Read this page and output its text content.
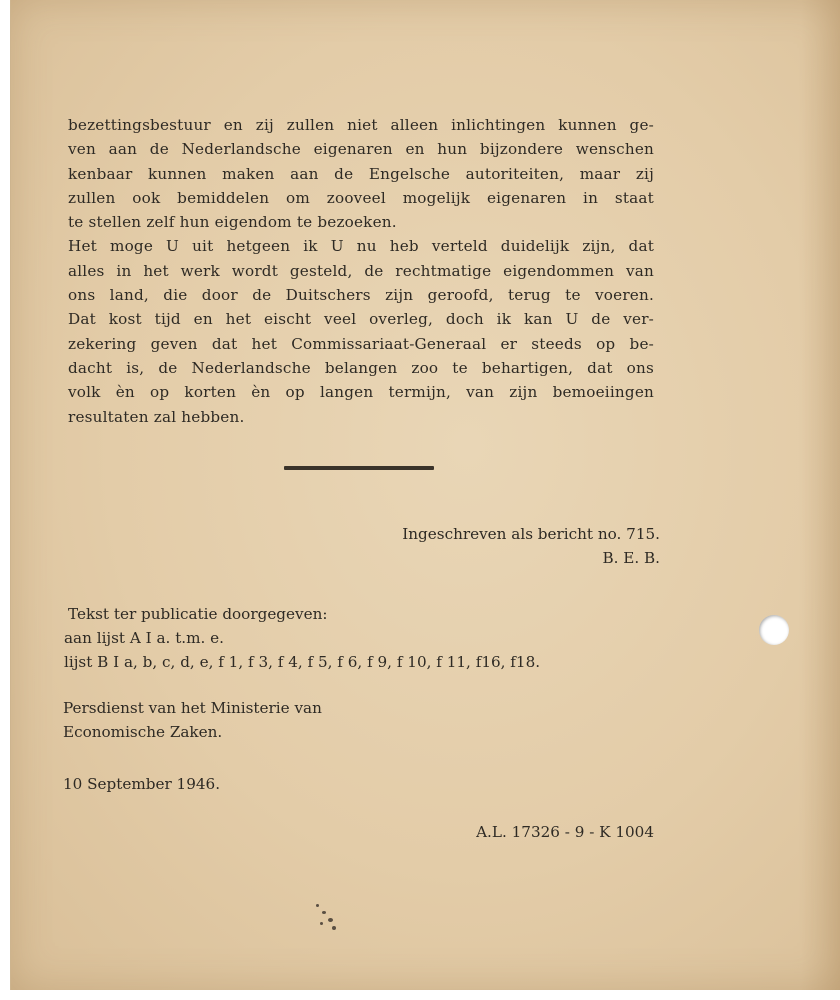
bezettingsbestuur en zij zullen niet alleen inlichtingen kunnen ge-
ven aan de Nederlandsche eigenaren en hun bijzondere wenschen
kenbaar kunnen maken aan de Engelsche autoriteiten, maar zij
zullen ook bemiddelen om zooveel mogelijk eigenaren in staat
te stellen zelf hun eigendom te bezoeken.
Het moge U uit hetgeen ik U nu heb verteld duidelijk zijn, dat
alles in het werk wordt gesteld, de rechtmatige eigendommen van
ons land, die door de Duitschers zijn geroofd, terug te voeren.
Dat kost tijd en het eischt veel overleg, doch ik kan U de ver-
zekering geven dat het Commissariaat-Generaal er steeds op be-
dacht is, de Nederlandsche belangen zoo te behartigen, dat ons
volk èn op korten èn op langen termijn, van zijn bemoeiingen
resultaten zal hebben.
Ingeschreven als bericht no. 715.
B. E. B.
Tekst ter publicatie doorgegeven:
aan lijst A I a. t.m. e.
lijst B I a, b, c, d, e, f 1, f 3, f 4, f 5, f 6, f 9, f 10, f 11, f16, f18.
Persdienst van het Ministerie van
Economische Zaken.
10 September 1946.
A.L. 17326 - 9 - K 1004
